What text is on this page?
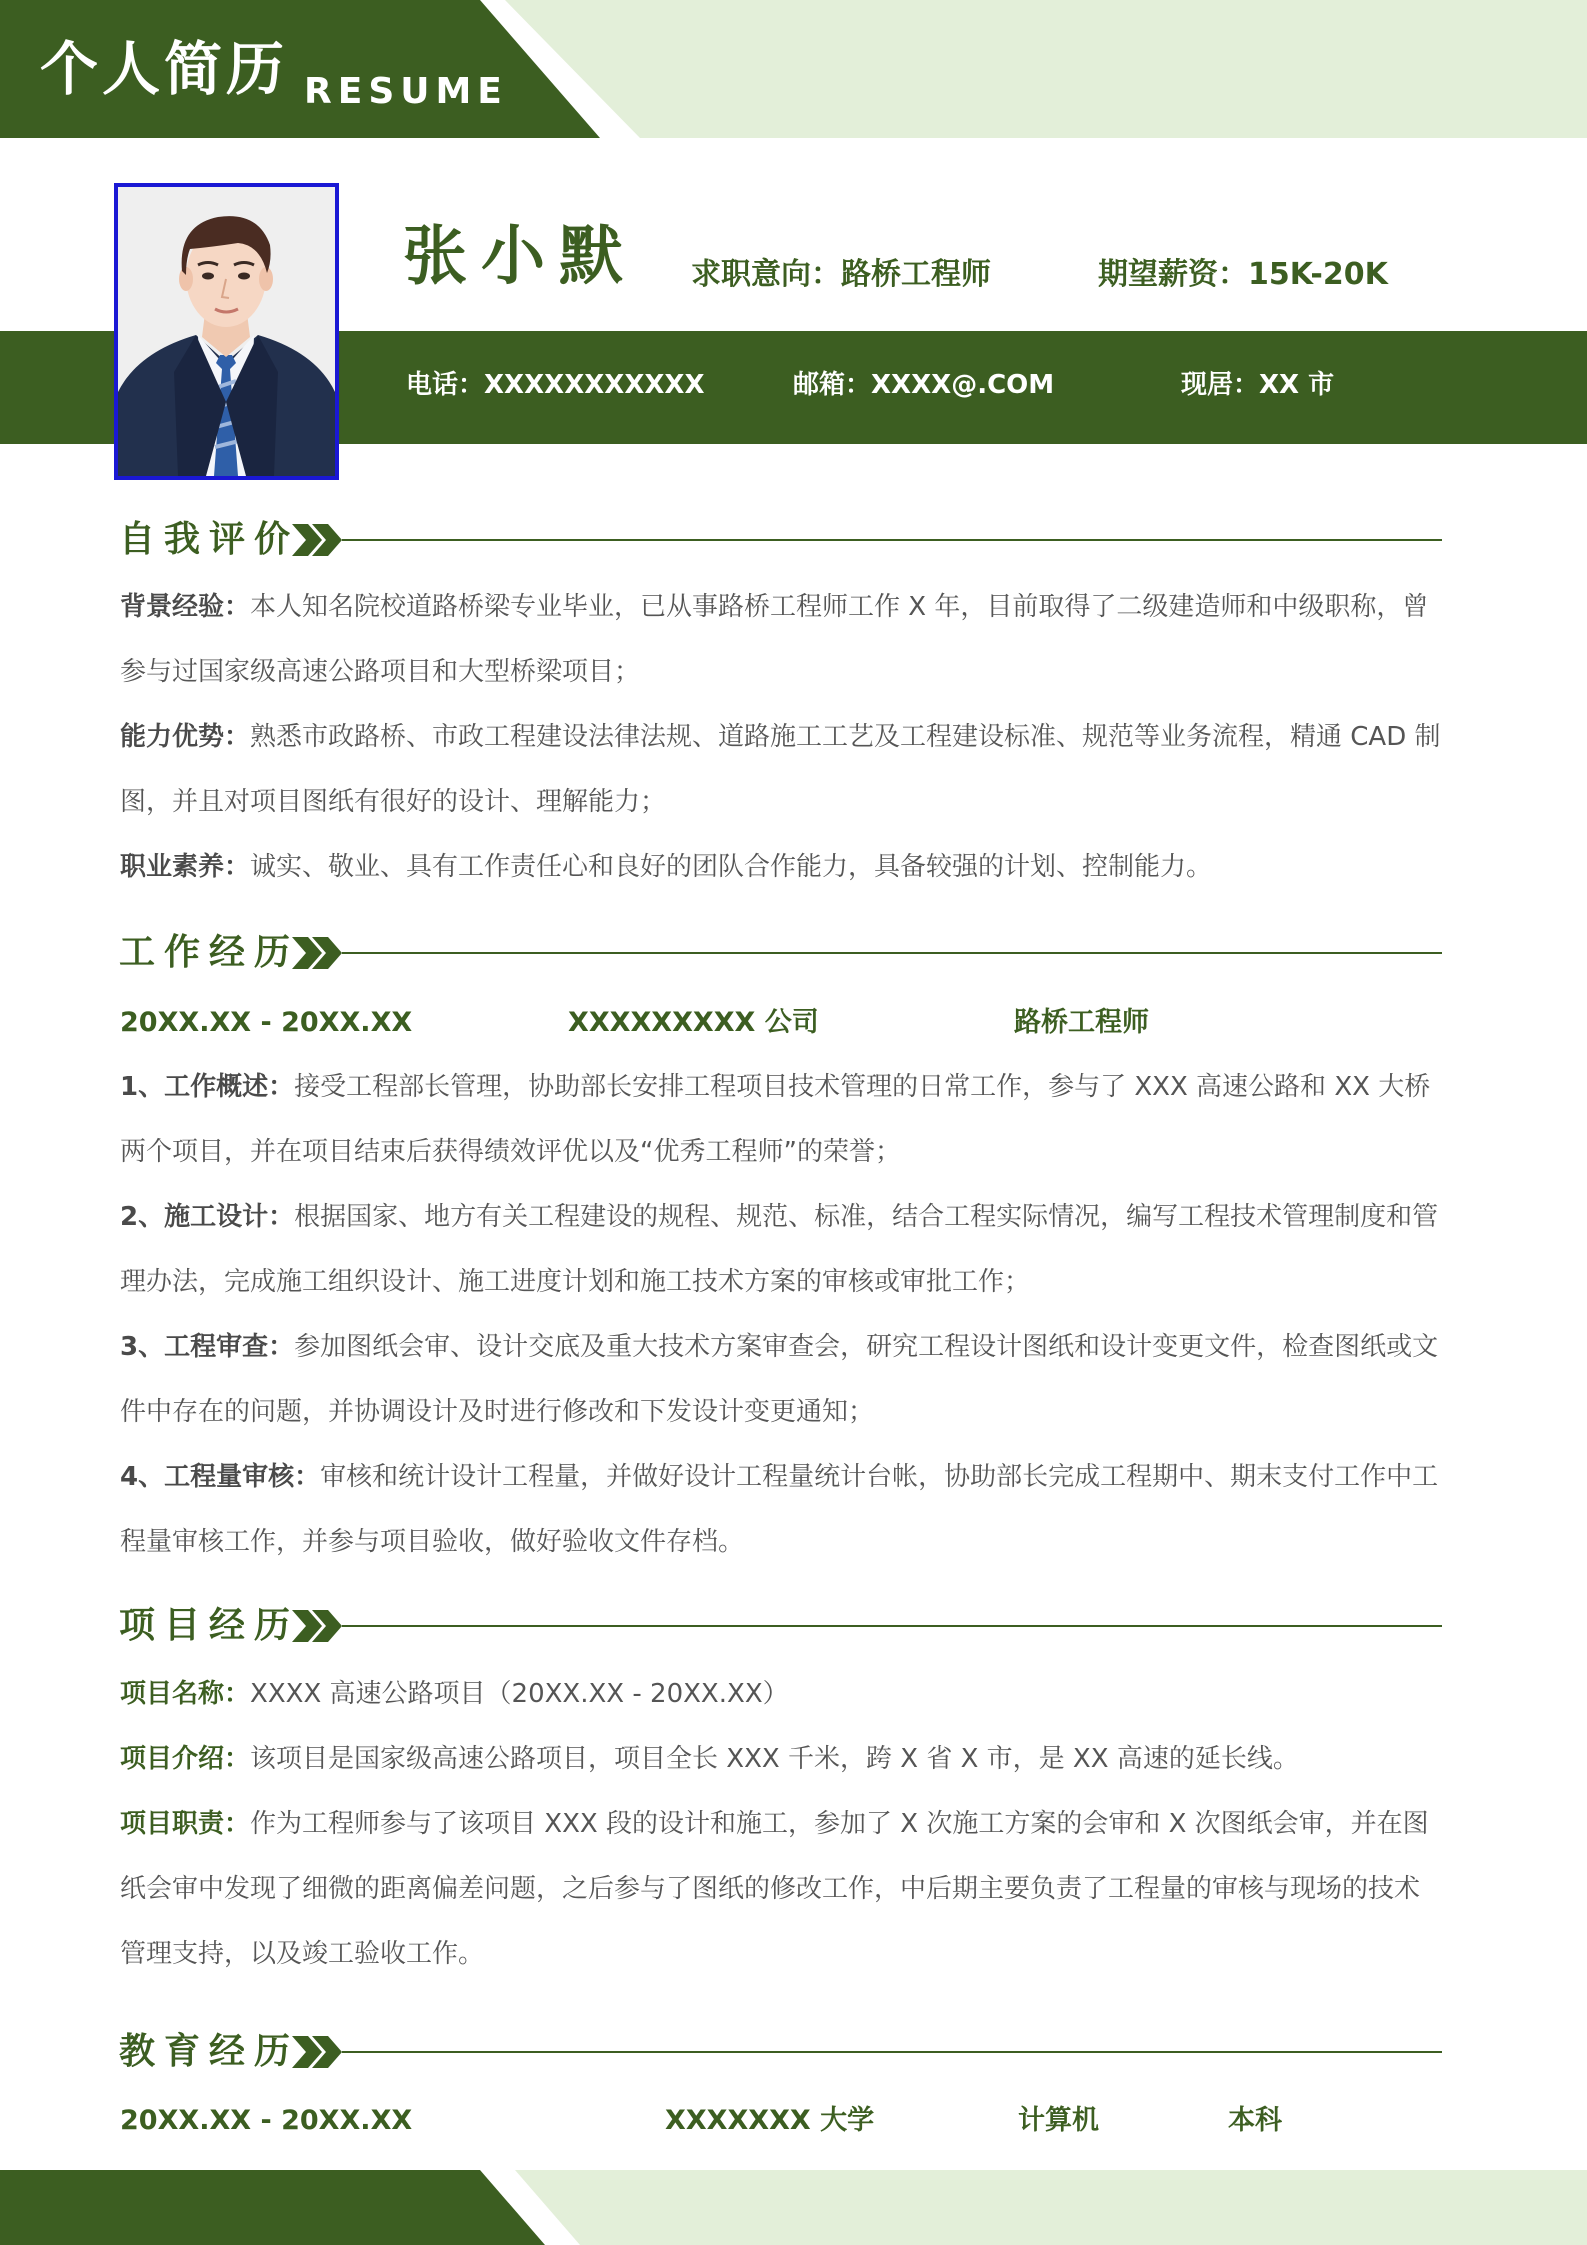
个人简历 RESUME
张小默 求职意向：路桥工程师	期望薪资：15K-20K
电话：XXXXXXXXXXX	邮箱：XXXX@.COM	现居：XX 市
自我评价
背景经验：本人知名院校道路桥梁专业毕业，已从事路桥工程师工作 X 年，目前取得了二级建造师和中级职称，曾参与过国家级高速公路项目和大型桥梁项目；
能力优势：熟悉市政路桥、市政工程建设法律法规、道路施工工艺及工程建设标准、规范等业务流程，精通 CAD 制图，并且对项目图纸有很好的设计、理解能力；
职业素养：诚实、敬业、具有工作责任心和良好的团队合作能力，具备较强的计划、控制能力。
工作经历
20XX.XX - 20XX.XX	XXXXXXXXX 公司	路桥工程师
1、工作概述：接受工程部长管理，协助部长安排工程项目技术管理的日常工作，参与了 XXX 高速公路和 XX 大桥两个项目，并在项目结束后获得绩效评优以及“优秀工程师”的荣誉；
2、施工设计：根据国家、地方有关工程建设的规程、规范、标准，结合工程实际情况，编写工程技术管理制度和管理办法，完成施工组织设计、施工进度计划和施工技术方案的审核或审批工作；
3、工程审查：参加图纸会审、设计交底及重大技术方案审查会，研究工程设计图纸和设计变更文件，检查图纸或文件中存在的问题，并协调设计及时进行修改和下发设计变更通知；
4、工程量审核：审核和统计设计工程量，并做好设计工程量统计台帐，协助部长完成工程期中、期末支付工作中工程量审核工作，并参与项目验收，做好验收文件存档。
项目经历
项目名称：XXXX 高速公路项目（20XX.XX - 20XX.XX）
项目介绍：该项目是国家级高速公路项目，项目全长 XXX 千米，跨 X 省 X 市，是 XX 高速的延长线。
项目职责：作为工程师参与了该项目 XXX 段的设计和施工，参加了 X 次施工方案的会审和 X 次图纸会审，并在图纸会审中发现了细微的距离偏差问题，之后参与了图纸的修改工作，中后期主要负责了工程量的审核与现场的技术管理支持，以及竣工验收工作。
教育经历
20XX.XX - 20XX.XX	XXXXXXX 大学	计算机	本科
